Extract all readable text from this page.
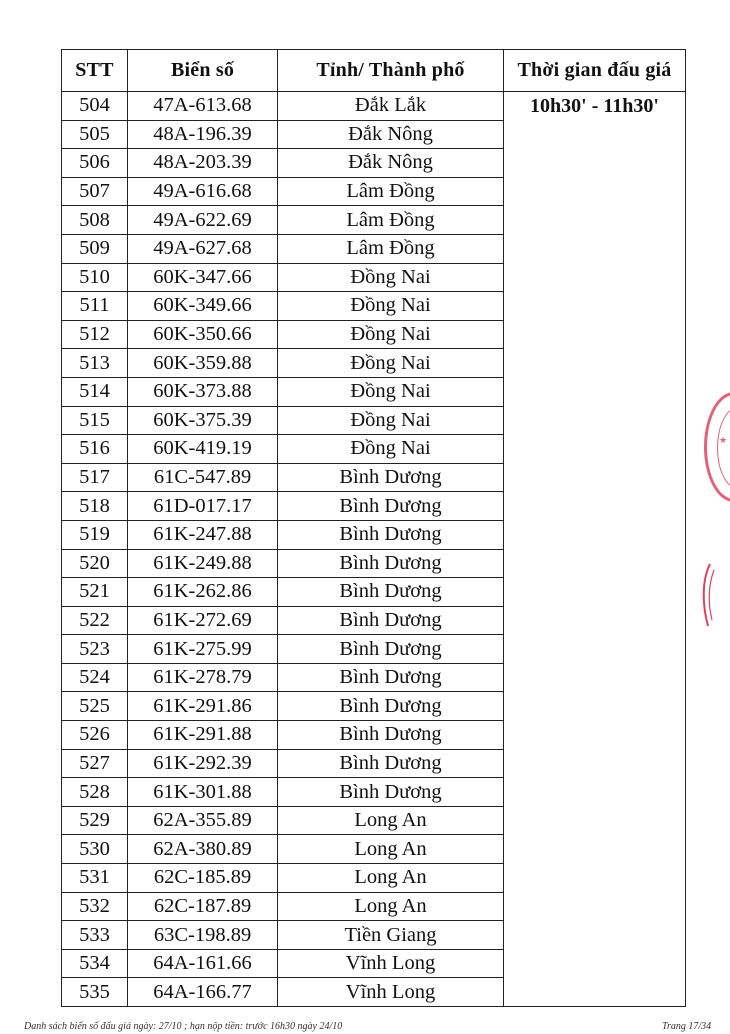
STT	Biển số	Tỉnh/ Thành phố	Thời gian đấu giá
504	47A-613.68	Đắk Lắk	10h30' - 11h30'
505	48A-196.39	Đắk Nông	
506	48A-203.39	Đắk Nông	
507	49A-616.68	Lâm Đồng	
508	49A-622.69	Lâm Đồng	
509	49A-627.68	Lâm Đồng	
510	60K-347.66	Đồng Nai	
511	60K-349.66	Đồng Nai	
512	60K-350.66	Đồng Nai	
513	60K-359.88	Đồng Nai	
514	60K-373.88	Đồng Nai	
515	60K-375.39	Đồng Nai	
516	60K-419.19	Đồng Nai	
517	61C-547.89	Bình Dương	
518	61D-017.17	Bình Dương	
519	61K-247.88	Bình Dương	
520	61K-249.88	Bình Dương	
521	61K-262.86	Bình Dương	
522	61K-272.69	Bình Dương	
523	61K-275.99	Bình Dương	
524	61K-278.79	Bình Dương	
525	61K-291.86	Bình Dương	
526	61K-291.88	Bình Dương	
527	61K-292.39	Bình Dương	
528	61K-301.88	Bình Dương	
529	62A-355.89	Long An	
530	62A-380.89	Long An	
531	62C-185.89	Long An	
532	62C-187.89	Long An	
533	63C-198.89	Tiền Giang	
534	64A-161.66	Vĩnh Long	
535	64A-166.77	Vĩnh Long	
★
Danh sách biển số đấu giá ngày: 27/10 ; hạn nộp tiền: trước 16h30 ngày 24/10	Trang 17/34
